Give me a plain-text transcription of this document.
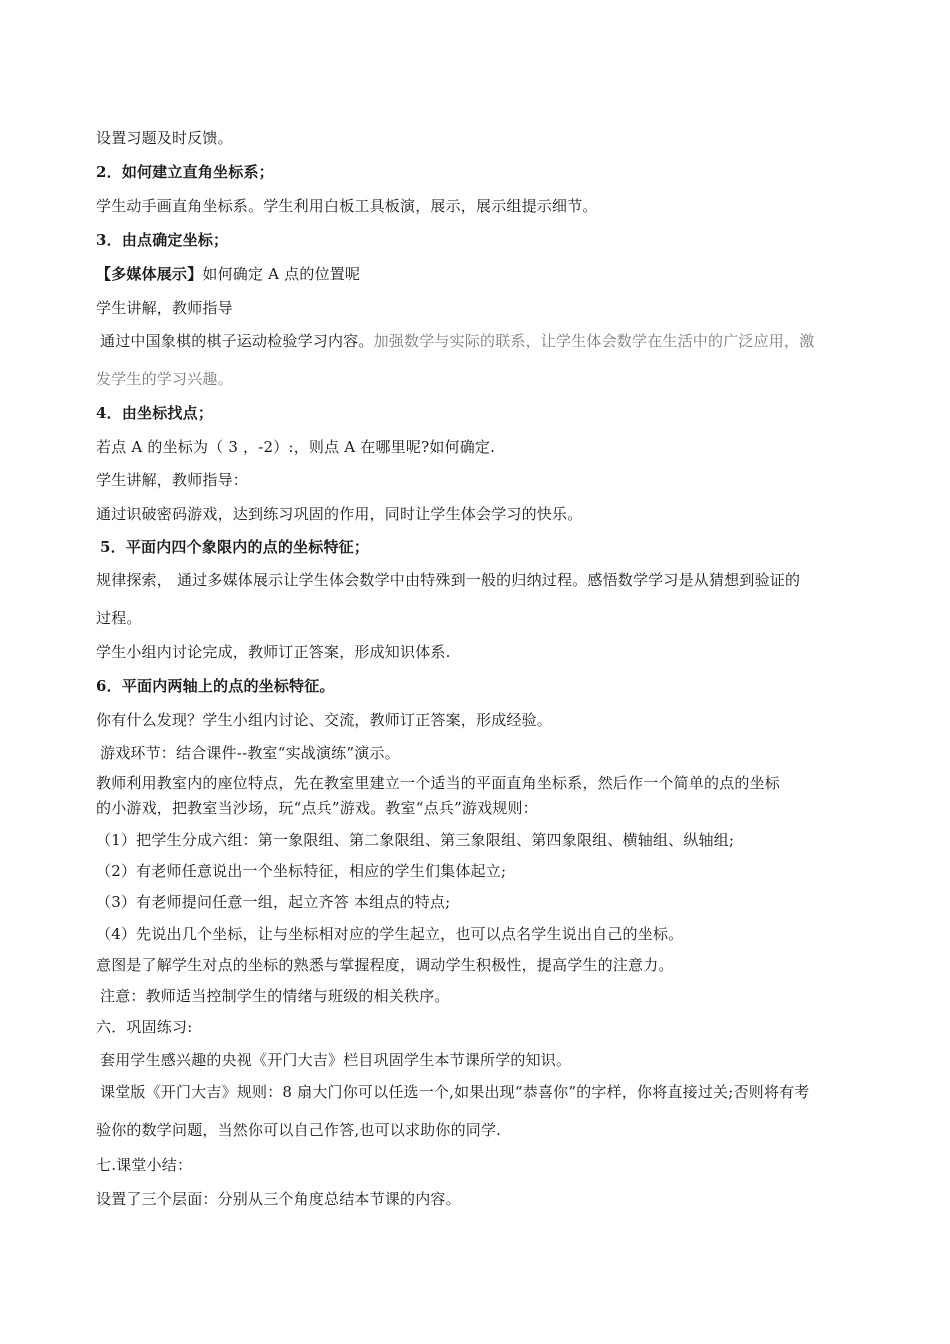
设置习题及时反馈。
2．如何建立直角坐标系；
学生动手画直角坐标系。学生利用白板工具板演，展示，展示组提示细节。
3．由点确定坐标；
【多媒体展示】如何确定 A 点的位置呢
学生讲解，教师指导
通过中国象棋的棋子运动检验学习内容。加强数学与实际的联系，让学生体会数学在生活中的广泛应用，激
发学生的学习兴趣。
4．由坐标找点；
若点 A 的坐标为（ 3 ，-2）:，则点 A 在哪里呢?如何确定.
学生讲解，教师指导：
通过识破密码游戏，达到练习巩固的作用，同时让学生体会学习的快乐。
5．平面内四个象限内的点的坐标特征；
规律探索， 通过多媒体展示让学生体会数学中由特殊到一般的归纳过程。感悟数学学习是从猜想到验证的
过程。
学生小组内讨论完成，教师订正答案，形成知识体系.
6．平面内两轴上的点的坐标特征。
你有什么发现？学生小组内讨论、交流，教师订正答案，形成经验。
游戏环节：结合课件--教室“实战演练”演示。
教师利用教室内的座位特点，先在教室里建立一个适当的平面直角坐标系，然后作一个简单的点的坐标
的小游戏，把教室当沙场，玩“点兵”游戏。教室“点兵”游戏规则：
（1）把学生分成六组：第一象限组、第二象限组、第三象限组、第四象限组、横轴组、纵轴组;
（2）有老师任意说出一个坐标特征，相应的学生们集体起立;
（3）有老师提问任意一组，起立齐答 本组点的特点;
（4）先说出几个坐标，让与坐标相对应的学生起立，也可以点名学生说出自己的坐标。
意图是了解学生对点的坐标的熟悉与掌握程度，调动学生积极性，提高学生的注意力。
注意：教师适当控制学生的情绪与班级的相关秩序。
六．巩固练习:
套用学生感兴趣的央视《开门大吉》栏目巩固学生本节课所学的知识。
课堂版《开门大吉》规则：8 扇大门你可以任选一个,如果出现“恭喜你”的字样，你将直接过关;否则将有考
验你的数学问题，当然你可以自己作答,也可以求助你的同学.
七.课堂小结：
设置了三个层面：分别从三个角度总结本节课的内容。
